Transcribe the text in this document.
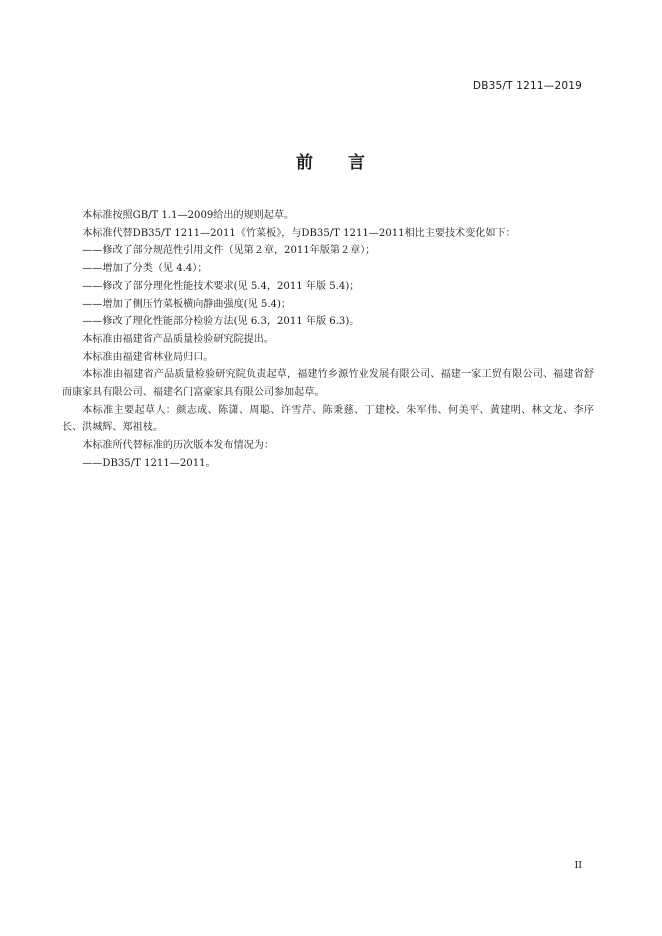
DB35/T 1211—2019
前 言

本标准按照GB/T 1.1—2009给出的规则起草。

本标准代替DB35/T 1211—2011《竹菜板》，与DB35/T 1211—2011相比主要技术变化如下：

——修改了部分规范性引用文件（见第２章，2011年版第２章）；

——增加了分类（见 4.4）；

——修改了部分理化性能技术要求(见 5.4，2011 年版 5.4)；

——增加了侧压竹菜板横向静曲强度(见 5.4)；

——修改了理化性能部分检验方法(见 6.3，2011 年版 6.3)。

本标准由福建省产品质量检验研究院提出。

本标准由福建省林业局归口。

本标准由福建省产品质量检验研究院负责起草，福建竹乡源竹业发展有限公司、福建一家工贸有限公司、福建省舒而康家具有限公司、福建名门富豪家具有限公司参加起草。

本标准主要起草人：颜志成、陈潇、周聪、许雪芹、陈秉慈、丁建校、朱军伟、何美平、黄建明、林文龙、李序长、洪城辉、郑祖枝。

本标准所代替标准的历次版本发布情况为：

——DB35/T 1211—2011。

II
